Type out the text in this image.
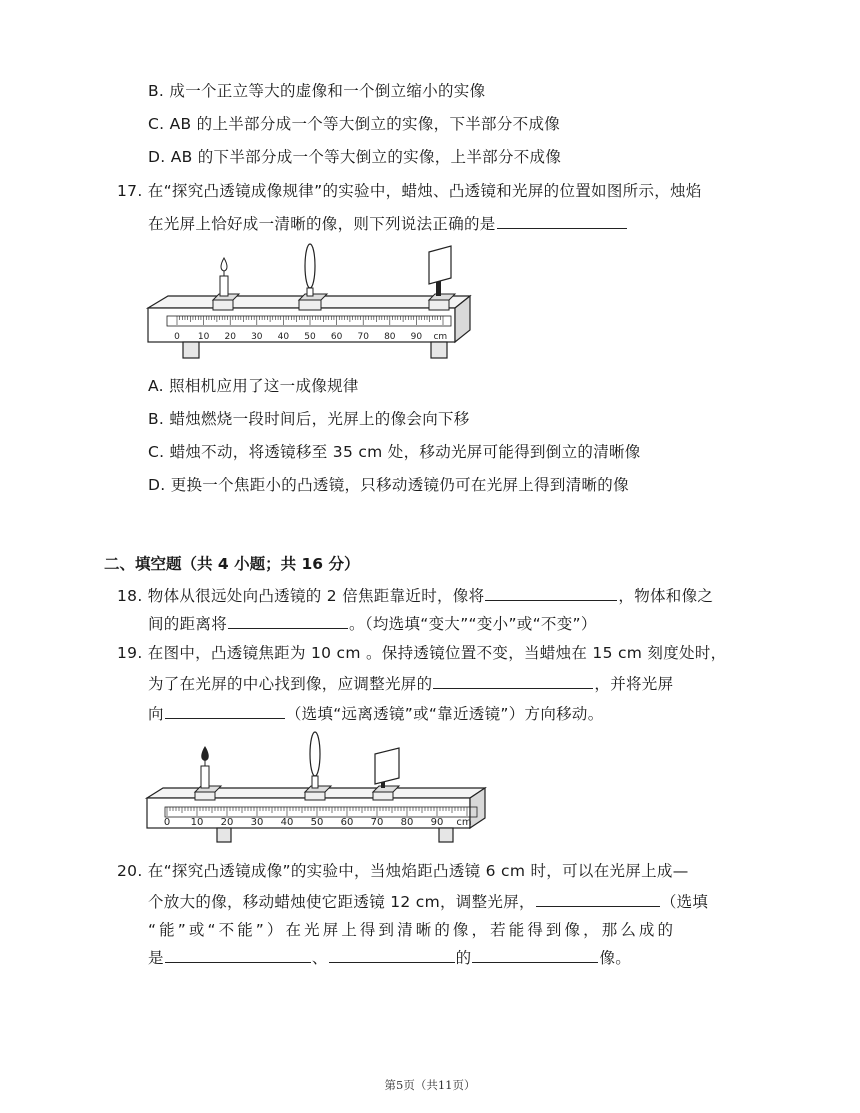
B. 成一个正立等大的虚像和一个倒立缩小的实像
C. AB 的上半部分成一个等大倒立的实像，下半部分不成像
D. AB 的下半部分成一个等大倒立的实像，上半部分不成像
17. 在“探究凸透镜成像规律”的实验中，蜡烛、凸透镜和光屏的位置如图所示，烛焰
在光屏上恰好成一清晰的像，则下列说法正确的是
0 10 20 30 40 50 60 70 80 90 cm
A. 照相机应用了这一成像规律
B. 蜡烛燃烧一段时间后，光屏上的像会向下移
C. 蜡烛不动，将透镜移至 35 cm 处，移动光屏可能得到倒立的清晰像
D. 更换一个焦距小的凸透镜，只移动透镜仍可在光屏上得到清晰的像
二、填空题（共 4 小题；共 16 分）
18. 物体从很远处向凸透镜的 2 倍焦距靠近时，像将	，物体和像之
间的距离将	。（均选填“变大”“变小”或“不变”）
19. 在图中，凸透镜焦距为 10 cm 。保持透镜位置不变，当蜡烛在 15 cm 刻度处时，
为了在光屏的中心找到像，应调整光屏的	，并将光屏
向	（选填“远离透镜”或“靠近透镜”）方向移动。
0 10 20 30 40 50 60 70 80 90 cm
20. 在“探究凸透镜成像”的实验中，当烛焰距凸透镜 6 cm 时，可以在光屏上成—
个放大的像，移动蜡烛使它距透镜 12 cm，调整光屏，	（选填
“能”或“不能”）在光屏上得到清晰的像，若能得到像，那么成的
是	、	的	像。
第5页（共11页）
